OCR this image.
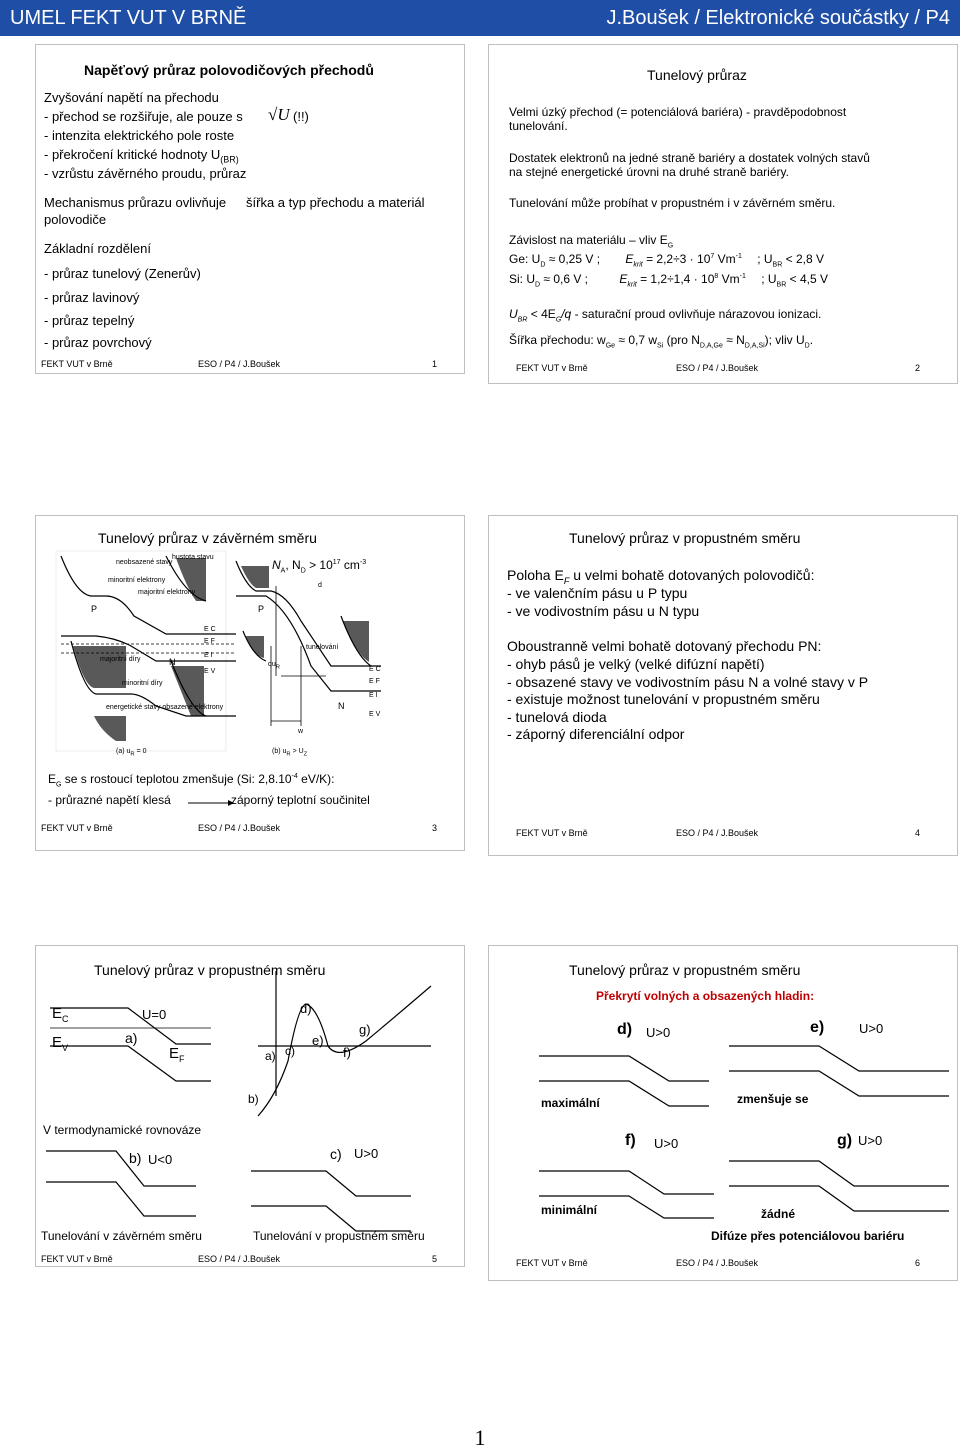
UMEL FEKT VUT V BRNĚ	J.Boušek / Elektronické součástky / P4
Napěťový průraz polovodičových přechodů
Zvyšování napětí na přechodu
- přechod se rozšiřuje, ale pouze s √U (!!)
- intenzita elektrického pole roste
- překročení kritické hodnoty $U_{(BR)}$
- vzrůstu závěrného proudu, průraz
Mechanismus průrazu ovlivňuje šířka a typ přechodu a materiál
polovodiče
Základní rozdělení
- průraz tunelový (Zenerův)
- průraz lavinový
- průraz tepelný
- průraz povrchový
FEKT VUT v Brně	ESO / P4 / J.Boušek	1
Tunelový průraz
Velmi úzký přechod (= potenciálová bariéra) - pravděpodobnost
tunelování.
Dostatek elektronů na jedné straně bariéry a dostatek volných stavů
na stejné energetické úrovni na druhé straně bariéry.
Tunelování může probíhat v propustném i v závěrném směru.
Závislost na materiálu – vliv $E_G$
Ge: $U_D \approx 0,25$ V ; $E_{krit} = 2,2\div 3 \cdot 10^7$ $Vm^{-1}$ ; $U_{BR} < 2,8$ V
Si: $U_D \approx 0,6$ V ;	$E_{krit} = 1,2\div 1,4 \cdot 10^8$ $Vm^{-1}$ ; $U_{BR} < 4,5$ V
$U_{BR} < 4E_G/q$ - saturační proud ovlivňuje nárazovou ionizaci.
Šířka přechodu: $w_{Ge} \approx 0,7$ $w_{Si}$ (pro $N_{D,A,Ge} \approx N_{D,A,Si}$); vliv $U_D$.
FEKT VUT v Brně	ESO / P4 / J.Boušek	2
Tunelový průraz v závěrném směru
neobsazené stavy
hustota stavu
minoritní elektrony
majoritní elektrony
P
E C
E F
E I
N
E V
majoritní díry
minoritní díry
energetické stavy obsazené elektrony
(a) $u_R = 0$
$N_A$, $N_D > 10^{17}$ $cm^{-3}$
d
P
tunelování
$qu_R$	E C
E F
E I
N
E V
w
(b) $u_R > U_Z$
$E_G$ se s rostoucí teplotou zmenšuje (Si: $2,8.10^{-4}$ eV/K):
- průrazné napětí klesá	záporný teplotní součinitel
FEKT VUT v Brně	ESO / P4 / J.Boušek	3
Tunelový průraz v propustném směru
Poloha $E_F$ u velmi bohatě dotovaných polovodičů:
- ve valenčním pásu u P typu
- ve vodivostním pásu u N typu
Oboustranně velmi bohatě dotovaný přechodu PN:
- ohyb pásů je velký (velké difúzní napětí)
- obsazené stavy ve vodivostním pásu N a volné stavy v P
- existuje možnost tunelování v propustném směru
- tunelová dioda
- záporný diferenciální odpor
FEKT VUT v Brně	ESO / P4 / J.Boušek	4
Tunelový průraz v propustném směru
$E_C$
$E_V$
a)
U=0
$E_F$
d)
e)
f)
g)
a) c)
b)
V termodynamické rovnováze
b) U<0	c) U>0
Tunelování v závěrném směru	Tunelování v propustném směru
FEKT VUT v Brně	ESO / P4 / J.Boušek	5
Tunelový průraz v propustném směru
Překrytí volných a obsazených hladin:
d) U>0	e)	U>0
maximální	zmenšuje se
f) U>0	g) U>0
minimální	žádné
Difúze přes potenciálovou bariéru
FEKT VUT v Brně	ESO / P4 / J.Boušek	6
1
